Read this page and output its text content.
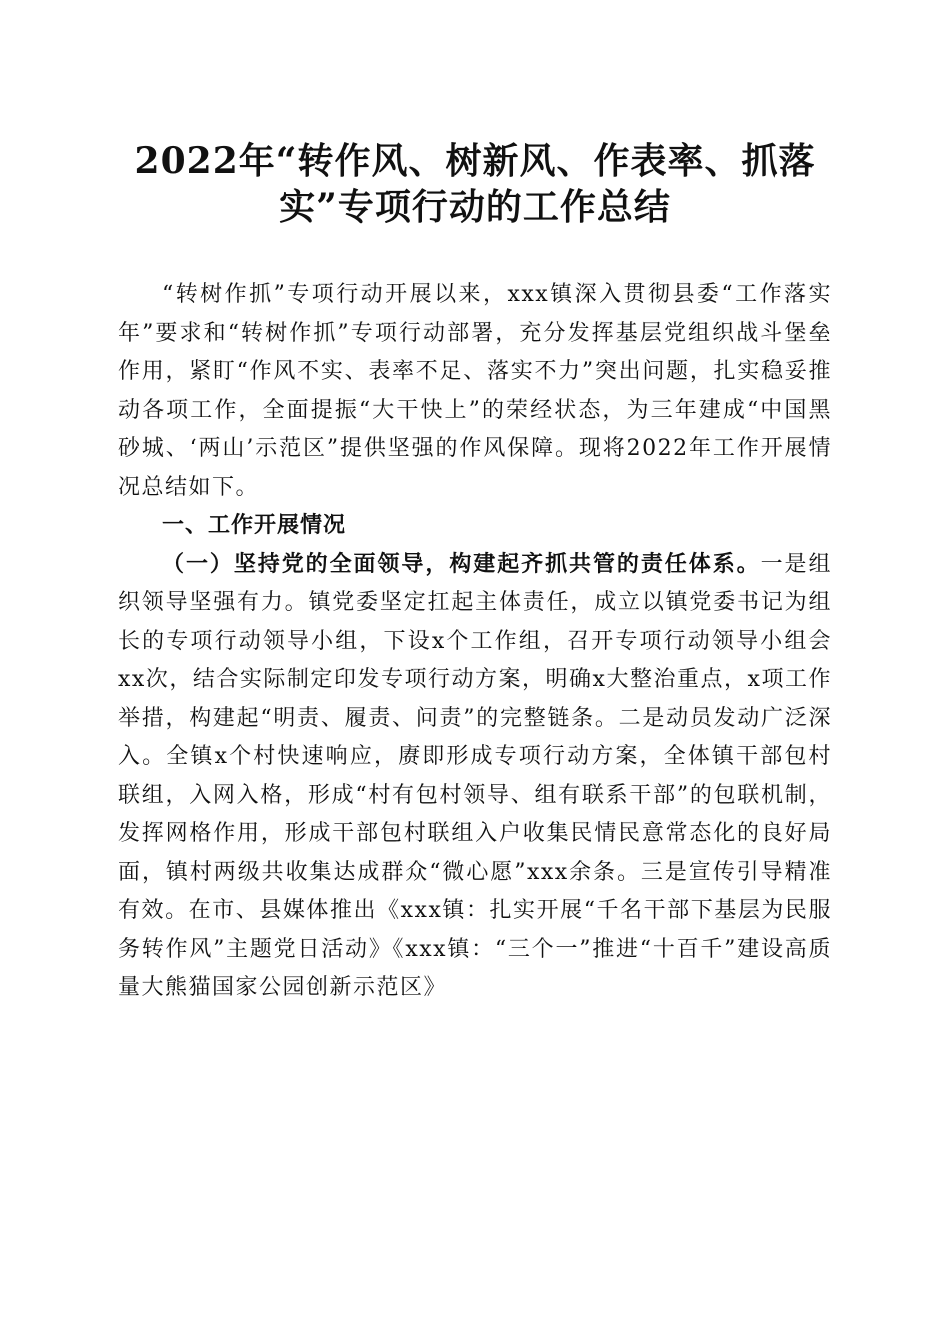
2022年“转作风、树新风、作表率、抓落
实”专项行动的工作总结

“转树作抓”专项行动开展以来，xxx镇深入贯彻县委“工作落实年”要求和“转树作抓”专项行动部署，充分发挥基层党组织战斗堡垒作用，紧盯“作风不实、表率不足、落实不力”突出问题，扎实稳妥推动各项工作，全面提振“大干快上”的荣经状态，为三年建成“中国黑砂城、‘两山’示范区”提供坚强的作风保障。现将2022年工作开展情况总结如下。

一、工作开展情况

（一）坚持党的全面领导，构建起齐抓共管的责任体系。一是组织领导坚强有力。镇党委坚定扛起主体责任，成立以镇党委书记为组长的专项行动领导小组，下设x个工作组，召开专项行动领导小组会xx次，结合实际制定印发专项行动方案，明确x大整治重点，x项工作举措，构建起“明责、履责、问责”的完整链条。二是动员发动广泛深入。全镇x个村快速响应，赓即形成专项行动方案，全体镇干部包村联组，入网入格，形成“村有包村领导、组有联系干部”的包联机制，发挥网格作用，形成干部包村联组入户收集民情民意常态化的良好局面，镇村两级共收集达成群众“微心愿”xxx余条。三是宣传引导精准有效。在市、县媒体推出《xxx镇：扎实开展“千名干部下基层为民服务转作风”主题党日活动》《xxx镇：“三个一”推进“十百千”建设高质量大熊猫国家公园创新示范区》
